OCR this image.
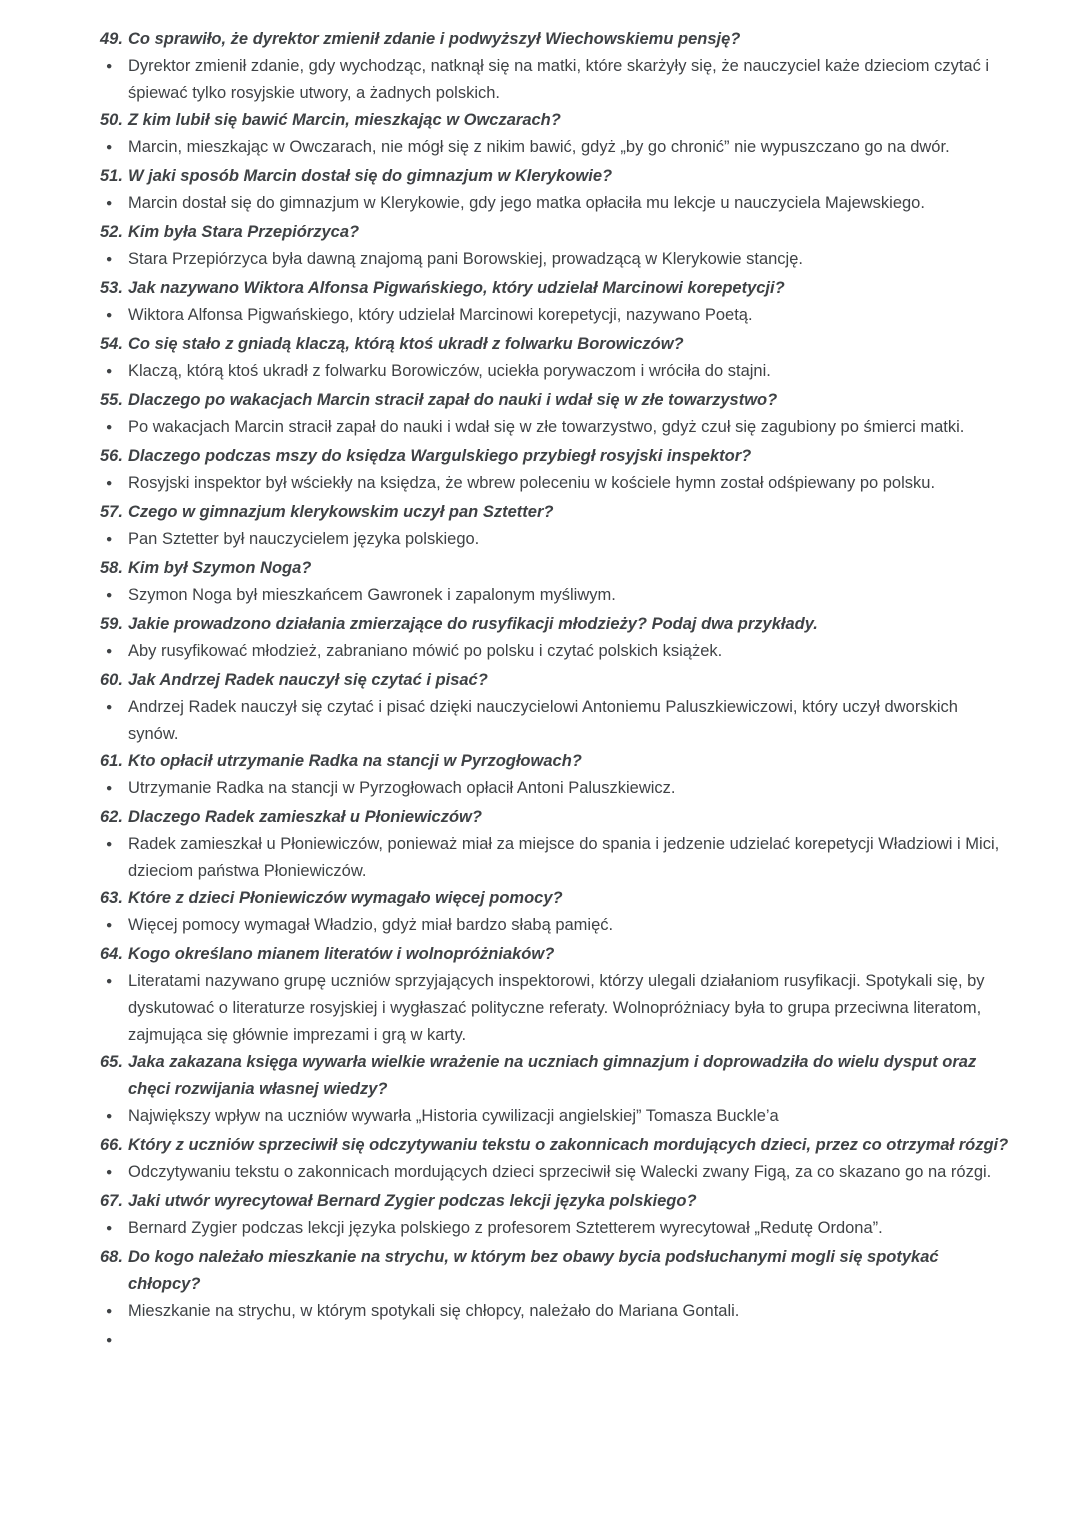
49. Co sprawiło, że dyrektor zmienił zdanie i podwyższył Wiechowskiemu pensję?
● Dyrektor zmienił zdanie, gdy wychodząc, natknął się na matki, które skarżyły się, że nauczyciel każe dzieciom czytać i śpiewać tylko rosyjskie utwory, a żadnych polskich.
50. Z kim lubił się bawić Marcin, mieszkając w Owczarach?
● Marcin, mieszkając w Owczarach, nie mógł się z nikim bawić, gdyż „by go chronić” nie wypuszczano go na dwór.
51. W jaki sposób Marcin dostał się do gimnazjum w Klerykowie?
● Marcin dostał się do gimnazjum w Klerykowie, gdy jego matka opłaciła mu lekcje u nauczyciela Majewskiego.
52. Kim była Stara Przepiórzyca?
● Stara Przepiórzyca była dawną znajomą pani Borowskiej, prowadzącą w Klerykowie stancję.
53. Jak nazywano Wiktora Alfonsa Pigwańskiego, który udzielał Marcinowi korepetycji?
● Wiktora Alfonsa Pigwańskiego, który udzielał Marcinowi korepetycji, nazywano Poetą.
54. Co się stało z gniadą klaczą, którą ktoś ukradł z folwarku Borowiczów?
● Klaczą, którą ktoś ukradł z folwarku Borowiczów, uciekła porywaczom i wróciła do stajni.
55. Dlaczego po wakacjach Marcin stracił zapał do nauki i wdał się w złe towarzystwo?
● Po wakacjach Marcin stracił zapał do nauki i wdał się w złe towarzystwo, gdyż czuł się zagubiony po śmierci matki.
56. Dlaczego podczas mszy do księdza Wargulskiego przybiegł rosyjski inspektor?
● Rosyjski inspektor był wściekły na księdza, że wbrew poleceniu w kościele hymn został odśpiewany po polsku.
57. Czego w gimnazjum klerykowskim uczył pan Sztetter?
● Pan Sztetter był nauczycielem języka polskiego.
58. Kim był Szymon Noga?
● Szymon Noga był mieszkańcem Gawronek i zapalonym myśliwym.
59. Jakie prowadzono działania zmierzające do rusyfikacji młodzieży? Podaj dwa przykłady.
● Aby rusyfikować młodzież, zabraniano mówić po polsku i czytać polskich książek.
60. Jak Andrzej Radek nauczył się czytać i pisać?
● Andrzej Radek nauczył się czytać i pisać dzięki nauczycielowi Antoniemu Paluszkiewiczowi, który uczył dworskich synów.
61. Kto opłacił utrzymanie Radka na stancji w Pyrzogłowach?
● Utrzymanie Radka na stancji w Pyrzogłowach opłacił Antoni Paluszkiewicz.
62. Dlaczego Radek zamieszkał u Płoniewiczów?
● Radek zamieszkał u Płoniewiczów, ponieważ miał za miejsce do spania i jedzenie udzielać korepetycji Władziowi i Mici, dzieciom państwa Płoniewiczów.
63. Które z dzieci Płoniewiczów wymagało więcej pomocy?
● Więcej pomocy wymagał Władzio, gdyż miał bardzo słabą pamięć.
64. Kogo określano mianem literatów i wolnopróżniaków?
● Literatami nazywano grupę uczniów sprzyjających inspektorowi, którzy ulegali działaniom rusyfikacji. Spotykali się, by dyskutować o literaturze rosyjskiej i wygłaszać polityczne referaty. Wolnopróżniacy była to grupa przeciwna literatom, zajmująca się głównie imprezami i grą w karty.
65. Jaka zakazana księga wywarła wielkie wrażenie na uczniach gimnazjum i doprowadziła do wielu dysput oraz chęci rozwijania własnej wiedzy?
● Największy wpływ na uczniów wywarła „Historia cywilizacji angielskiej” Tomasza Buckle’a
66. Który z uczniów sprzeciwił się odczytywaniu tekstu o zakonnicach mordujących dzieci, przez co otrzymał rózgi?
● Odczytywaniu tekstu o zakonnicach mordujących dzieci sprzeciwił się Walecki zwany Figą, za co skazano go na rózgi.
67. Jaki utwór wyrecytował Bernard Zygier podczas lekcji języka polskiego?
● Bernard Zygier podczas lekcji języka polskiego z profesorem Sztetterem wyrecytował „Redutę Ordona”.
68. Do kogo należało mieszkanie na strychu, w którym bez obawy bycia podsłuchanymi mogli się spotykać chłopcy?
● Mieszkanie na strychu, w którym spotykali się chłopcy, należało do Mariana Gontali.
●
